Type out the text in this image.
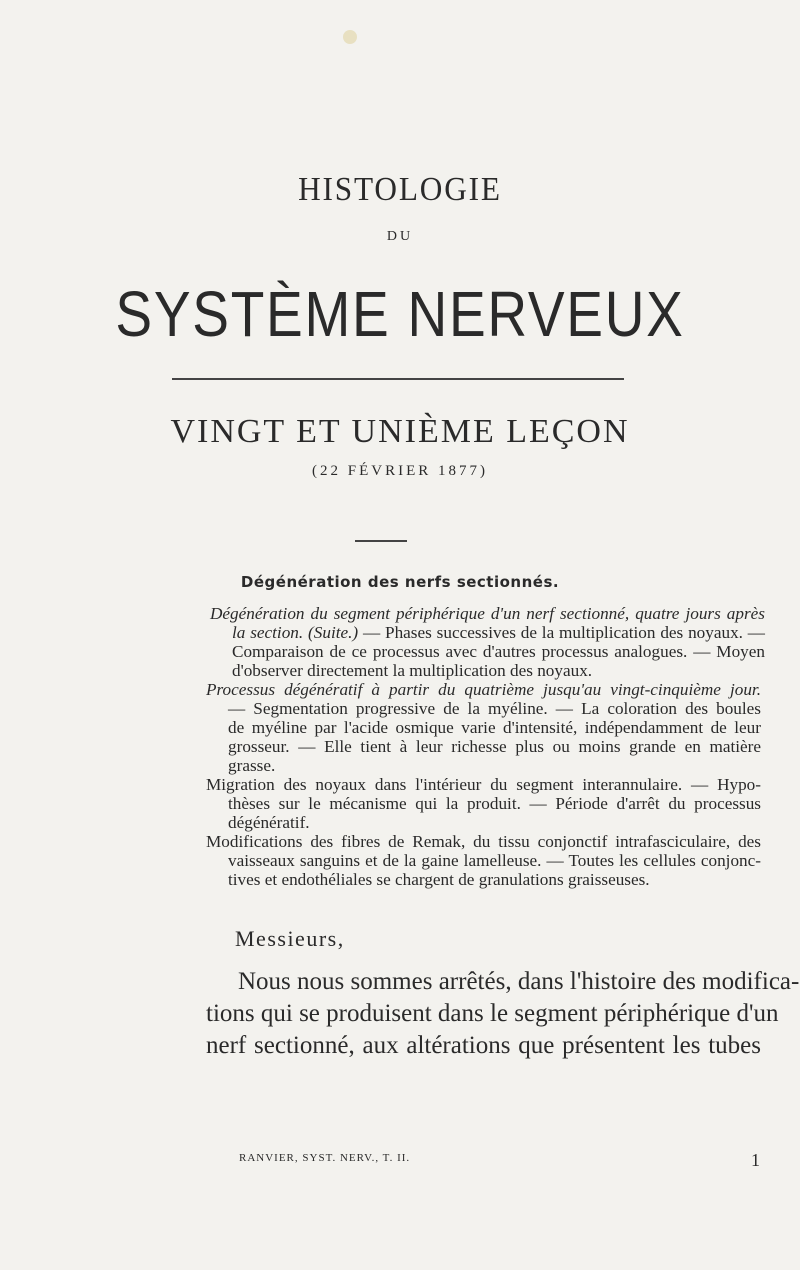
HISTOLOGIE
DU
SYSTÈME NERVEUX
VINGT ET UNIÈME LEÇON
(22 FÉVRIER 1877)
Dégénération des nerfs sectionnés.
Dégénération du segment périphérique d'un nerf sectionné, quatre jours après
la section. (Suite.) — Phases successives de la multiplication des noyaux. —
Comparaison de ce processus avec d'autres processus analogues. — Moyen
d'observer directement la multiplication des noyaux.
Processus dégénératif à partir du quatrième jusqu'au vingt-cinquième jour.
— Segmentation progressive de la myéline. — La coloration des boules
de myéline par l'acide osmique varie d'intensité, indépendamment de leur
grosseur. — Elle tient à leur richesse plus ou moins grande en matière
grasse.
Migration des noyaux dans l'intérieur du segment interannulaire. — Hypo-
thèses sur le mécanisme qui la produit. — Période d'arrêt du processus
dégénératif.
Modifications des fibres de Remak, du tissu conjonctif intrafasciculaire, des
vaisseaux sanguins et de la gaine lamelleuse. — Toutes les cellules conjonc-
tives et endothéliales se chargent de granulations graisseuses.
Messieurs,
Nous nous sommes arrêtés, dans l'histoire des modifica-
tions qui se produisent dans le segment périphérique d'un
nerf sectionné, aux altérations que présentent les tubes
RANVIER, SYST. NERV., T. II.	1
